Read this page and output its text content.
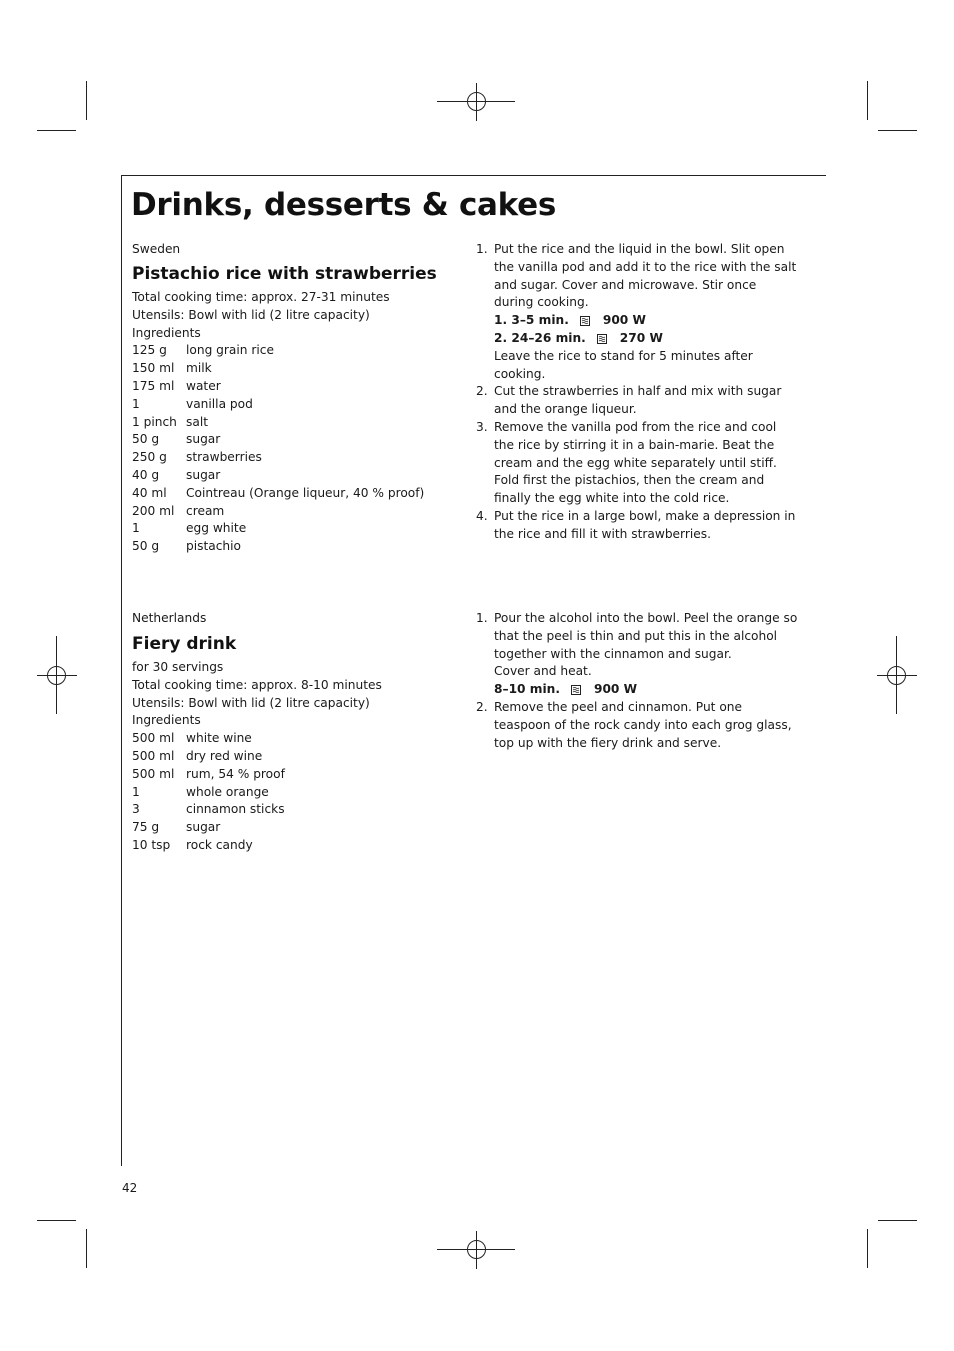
Drinks, desserts & cakes
Sweden
Pistachio rice with strawberries
Total cooking time: approx. 27-31 minutes
Utensils: Bowl with lid (2 litre capacity)
Ingredients
125 g	long grain rice
150 ml milk
175 ml water
1	vanilla pod
1 pinch salt
50 g	sugar
250 g	strawberries
40 g	sugar
40 ml	Cointreau (Orange liqueur, 40 % proof)
200 ml cream
1	egg white
50 g	pistachio
1. Put the rice and the liquid in the bowl. Slit open the vanilla pod and add it to the rice with the salt and sugar. Cover and microwave. Stir once during cooking.
1. 3–5 min.	900 W
2. 24–26 min.	270 W
Leave the rice to stand for 5 minutes after cooking.
2. Cut the strawberries in half and mix with sugar and the orange liqueur.
3. Remove the vanilla pod from the rice and cool the rice by stirring it in a bain-marie. Beat the cream and the egg white separately until stiff. Fold first the pistachios, then the cream and finally the egg white into the cold rice.
4. Put the rice in a large bowl, make a depression in the rice and fill it with strawberries.
Netherlands
Fiery drink
for 30 servings
Total cooking time: approx. 8-10 minutes
Utensils: Bowl with lid (2 litre capacity)
Ingredients
500 ml white wine
500 ml dry red wine
500 ml rum, 54 % proof
1	whole orange
3	cinnamon sticks
75 g	sugar
10 tsp	rock candy
1. Pour the alcohol into the bowl. Peel the orange so that the peel is thin and put this in the alcohol together with the cinnamon and sugar.
Cover and heat.
8–10 min.	900 W
2. Remove the peel and cinnamon. Put one teaspoon of the rock candy into each grog glass, top up with the fiery drink and serve.
42
